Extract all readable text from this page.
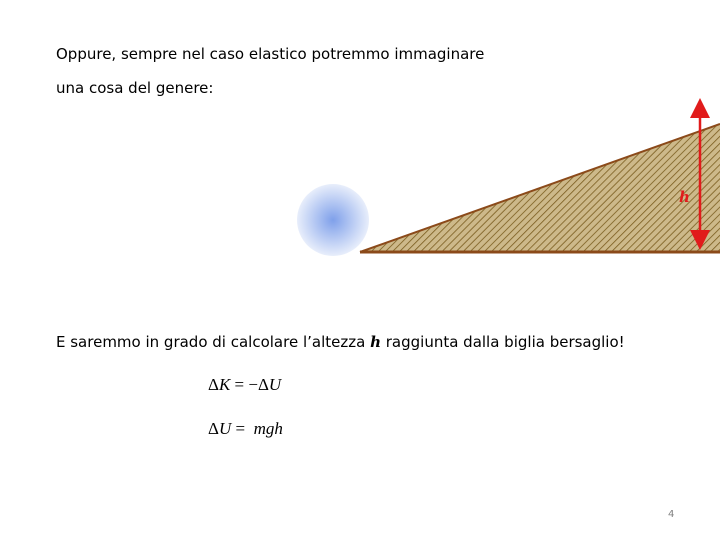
Oppure, sempre nel caso elastico potremmo immaginare
una cosa del genere:
h
E saremmo in grado di calcolare l’altezza h raggiunta dalla biglia bersaglio!
ΔK = −ΔU
ΔU =  mgh
4
